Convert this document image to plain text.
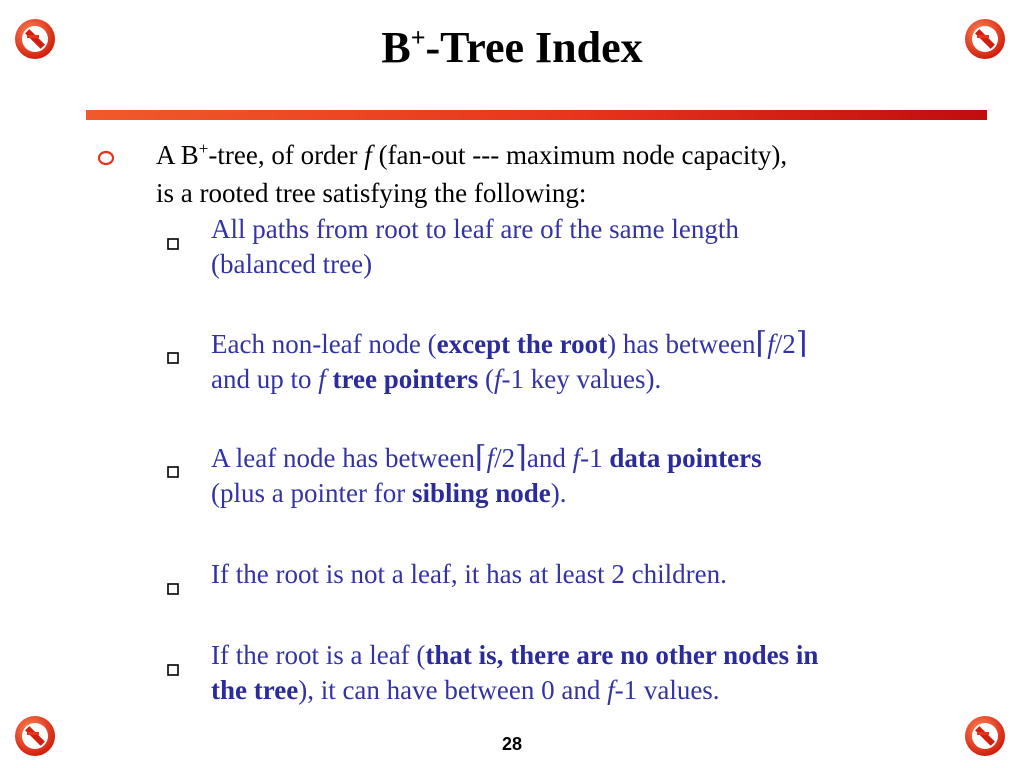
B+-Tree Index
A B+-tree, of order f (fan-out --- maximum node capacity),
is a rooted tree satisfying the following:
All paths from root to leaf are of the same length
(balanced tree)
Each non-leaf node (except the root) has between⌈f/2⌉
and up to f tree pointers (f-1 key values).
A leaf node has between⌈f/2⌉and f-1 data pointers
(plus a pointer for sibling node).
If the root is not a leaf, it has at least 2 children.
If the root is a leaf (that is, there are no other nodes in
the tree), it can have between 0 and f-1 values.
28
